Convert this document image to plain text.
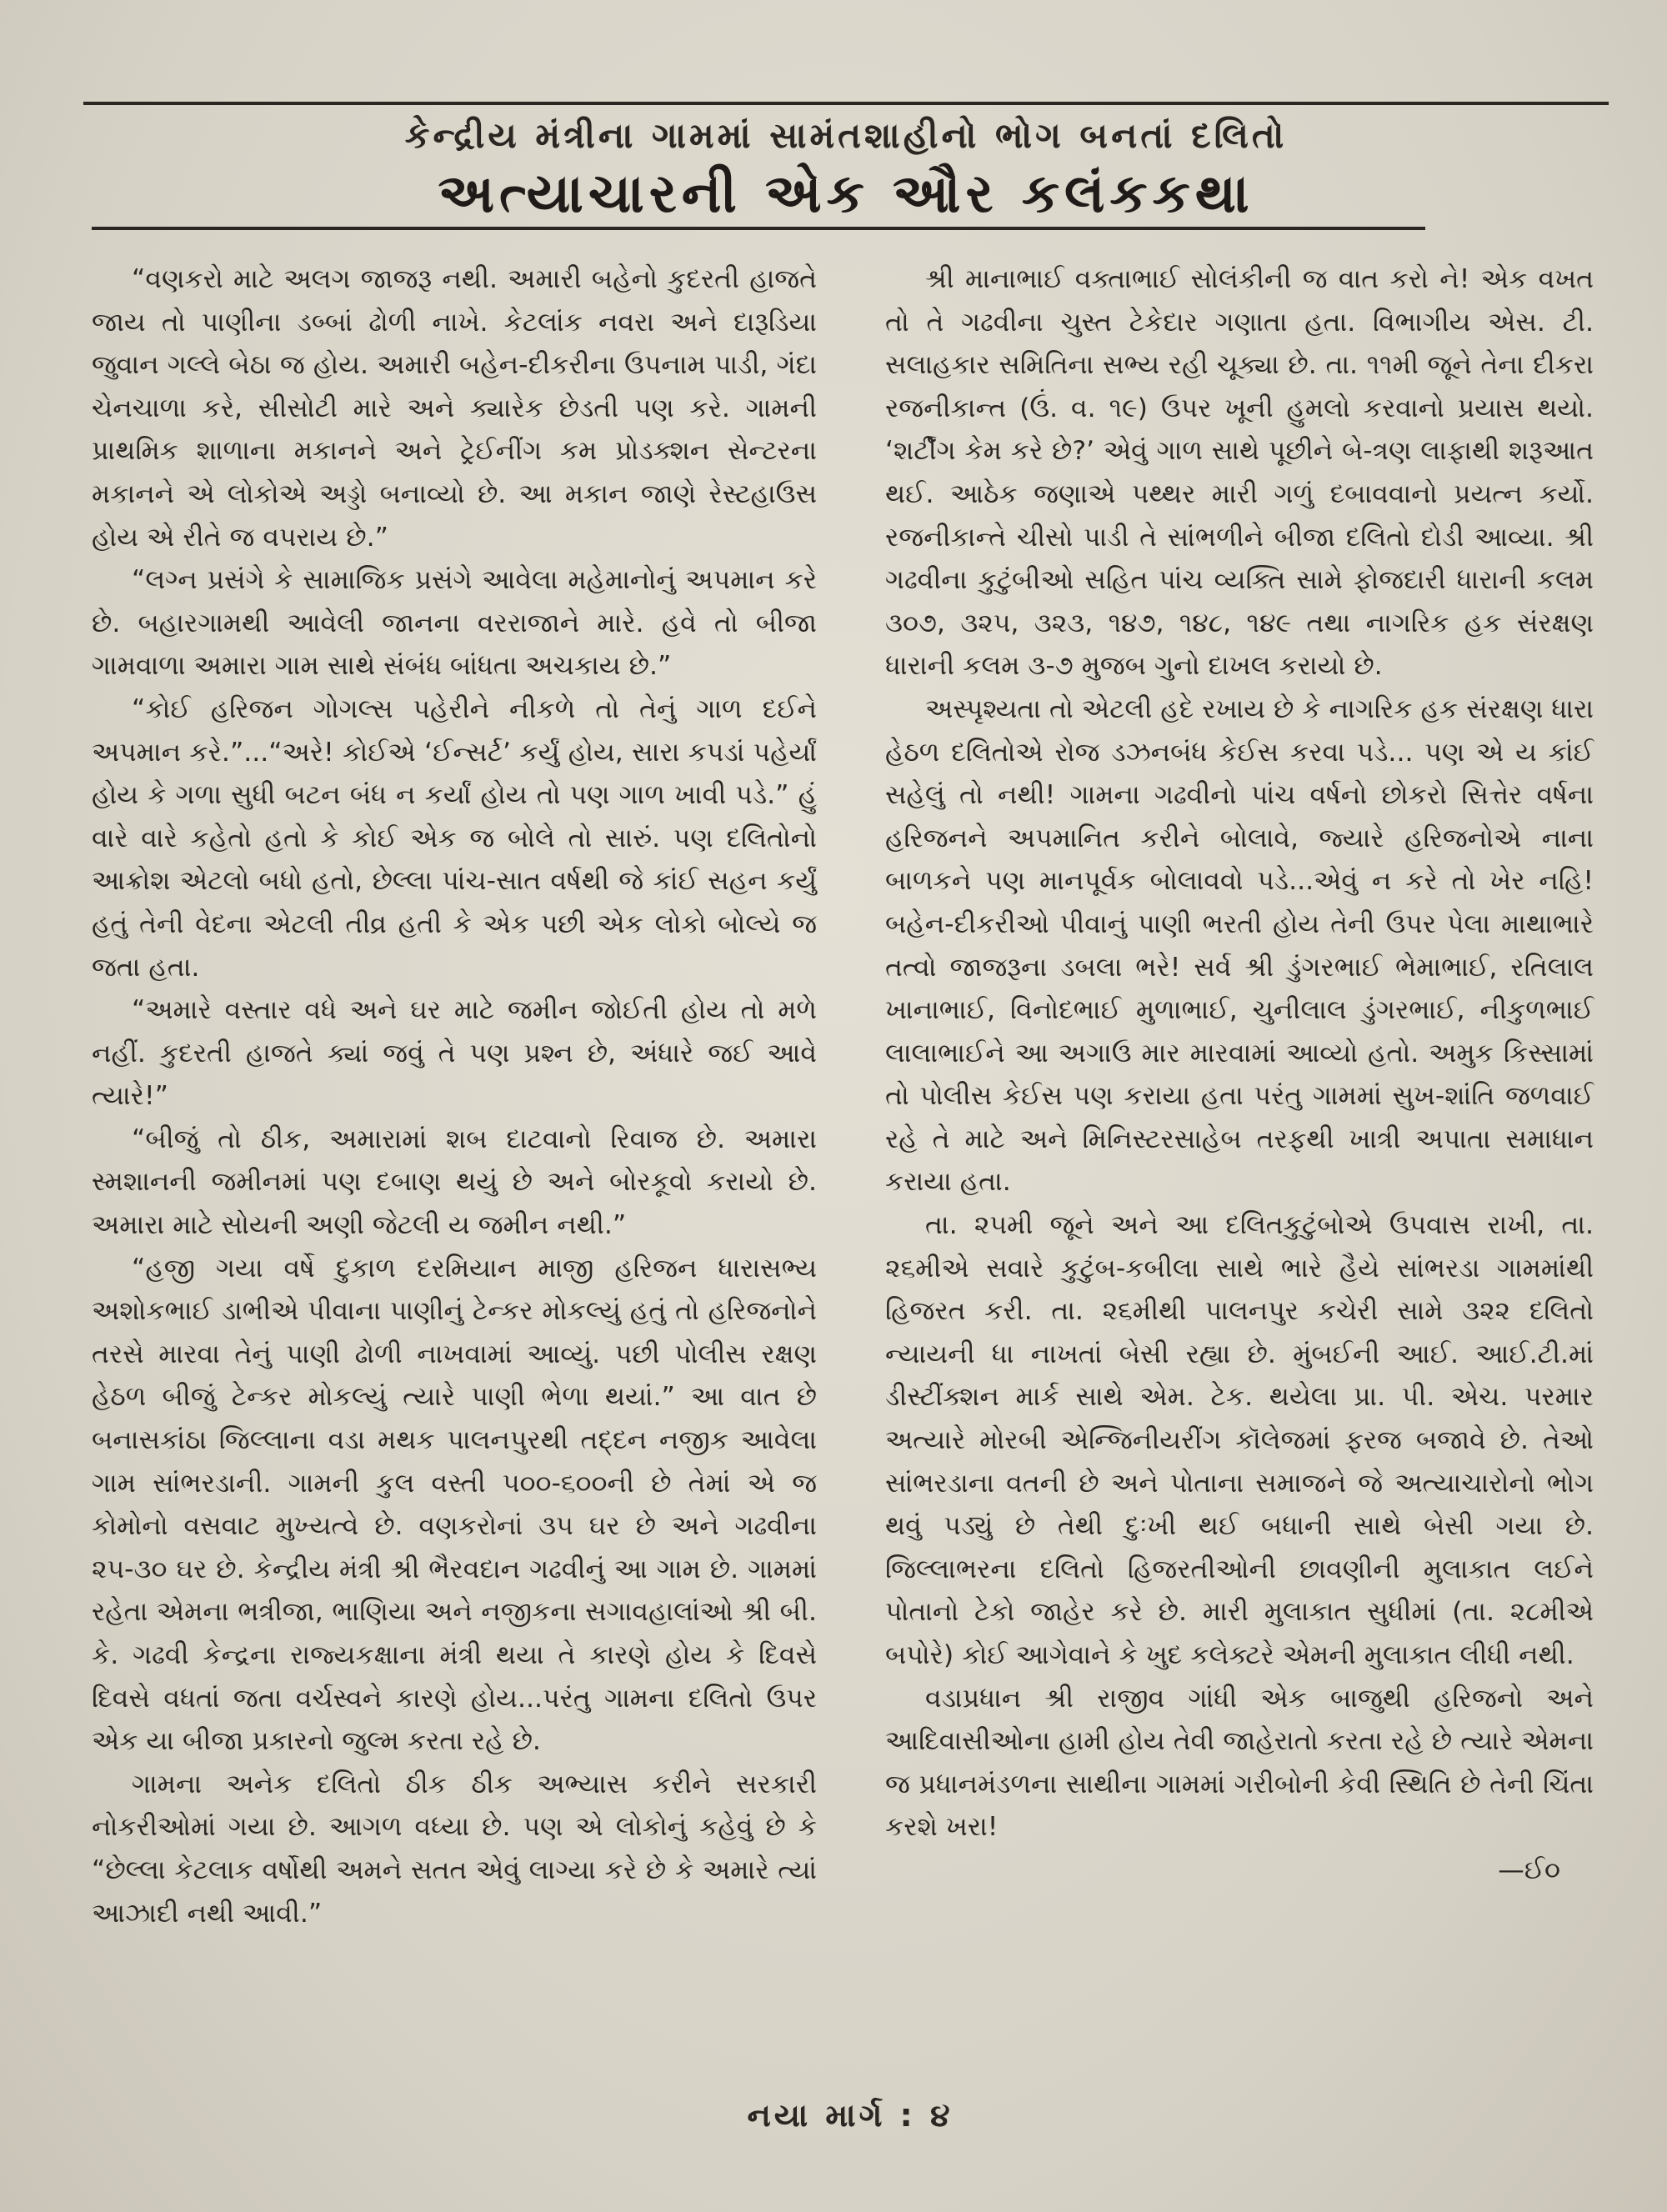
કેન્દ્રીય મંત્રીના ગામમાં સામંતશાહીનો ભોગ બનતાં દલિતો
અત્યાચારની એક ઔર કલંકકથા

“વણકરો માટે અલગ જાજરૂ નથી. અમારી બહેનો કુદરતી હાજતે જાય તો પાણીના ડબ્બાં ઢોળી નાખે. કેટલાંક નવરા અને દારૂડિયા જુવાન ગલ્લે બેઠા જ હોય. અમારી બહેન-દીકરીના ઉપનામ પાડી, ગંદા ચેનચાળા કરે, સીસોટી મારે અને ક્યારેક છેડતી પણ કરે. ગામની પ્રાથમિક શાળાના મકાનને અને ટ્રેઈનીંગ કમ પ્રોડક્શન સેન્ટરના મકાનને એ લોકોએ અડ્ડો બનાવ્યો છે. આ મકાન જાણે રેસ્ટહાઉસ હોય એ રીતે જ વપરાય છે.”

“લગ્ન પ્રસંગે કે સામાજિક પ્રસંગે આવેલા મહેમાનોનું અપમાન કરે છે. બહારગામથી આવેલી જાનના વરરાજાને મારે. હવે તો બીજા ગામવાળા અમારા ગામ સાથે સંબંધ બાંધતા અચકાય છે.”

“કોઈ હરિજન ગોગલ્સ પહેરીને નીકળે તો તેનું ગાળ દઈને અપમાન કરે.”...“અરે! કોઈએ ‘ઈન્સર્ટ’ કર્યું હોય, સારા કપડાં પહેર્યાં હોય કે ગળા સુધી બટન બંધ ન કર્યાં હોય તો પણ ગાળ ખાવી પડે.” હું વારે વારે કહેતો હતો કે કોઈ એક જ બોલે તો સારું. પણ દલિતોનો આક્રોશ એટલો બધો હતો, છેલ્લા પાંચ-સાત વર્ષથી જે કાંઈ સહન કર્યું હતું તેની વેદના એટલી તીવ્ર હતી કે એક પછી એક લોકો બોલ્યે જ જતા હતા.

“અમારે વસ્તાર વધે અને ઘર માટે જમીન જોઈતી હોય તો મળે નહીં. કુદરતી હાજતે ક્યાં જવું તે પણ પ્રશ્ન છે, અંધારે જઈ આવે ત્યારે!”

“બીજું તો ઠીક, અમારામાં શબ દાટવાનો રિવાજ છે. અમારા સ્મશાનની જમીનમાં પણ દબાણ થયું છે અને બોરકૂવો કરાયો છે. અમારા માટે સોયની અણી જેટલી ય જમીન નથી.”

“હજી ગયા વર્ષે દુકાળ દરમિયાન માજી હરિજન ધારાસભ્ય અશોકભાઈ ડાભીએ પીવાના પાણીનું ટેન્કર મોકલ્યું હતું તો હરિજનોને તરસે મારવા તેનું પાણી ઢોળી નાખવામાં આવ્યું. પછી પોલીસ રક્ષણ હેઠળ બીજું ટેન્કર મોકલ્યું ત્યારે પાણી ભેળા થયાં.” આ વાત છે બનાસકાંઠા જિલ્લાના વડા મથક પાલનપુરથી તદ્દન નજીક આવેલા ગામ સાંભરડાની. ગામની કુલ વસ્તી ૫૦૦-૬૦૦ની છે તેમાં એ જ કોમોનો વસવાટ મુખ્યત્વે છે. વણકરોનાં ૩૫ ઘર છે અને ગઢવીના ૨૫-૩૦ ઘર છે. કેન્દ્રીય મંત્રી શ્રી ભૈરવદાન ગઢવીનું આ ગામ છે. ગામમાં રહેતા એમના ભત્રીજા, ભાણિયા અને નજીકના સગાવહાલાંઓ શ્રી બી. કે. ગઢવી કેન્દ્રના રાજ્યકક્ષાના મંત્રી થયા તે કારણે હોય કે દિવસે દિવસે વધતાં જતા વર્ચસ્વને કારણે હોય...પરંતુ ગામના દલિતો ઉપર એક યા બીજા પ્રકારનો જુલ્મ કરતા રહે છે.

ગામના અનેક દલિતો ઠીક ઠીક અભ્યાસ કરીને સરકારી નોકરીઓમાં ગયા છે. આગળ વધ્યા છે. પણ એ લોકોનું કહેવું છે કે “છેલ્લા કેટલાક વર્ષોથી અમને સતત એવું લાગ્યા કરે છે કે અમારે ત્યાં આઝાદી નથી આવી.”

શ્રી માનાભાઈ વક્તાભાઈ સોલંકીની જ વાત કરો ને! એક વખત તો તે ગઢવીના ચુસ્ત ટેકેદાર ગણાતા હતા. વિભાગીય એસ. ટી. સલાહકાર સમિતિના સભ્ય રહી ચૂક્યા છે. તા. ૧૧મી જૂને તેના દીકરા રજનીકાન્ત (ઉં. વ. ૧૯) ઉપર ખૂની હુમલો કરવાનો પ્રયાસ થયો. ‘શર્ટીંગ કેમ કરે છે?’ એવું ગાળ સાથે પૂછીને બે-ત્રણ લાફાથી શરૂઆત થઈ. આઠેક જણાએ પથ્થર મારી ગળું દબાવવાનો પ્રયત્ન કર્યો. રજનીકાન્તે ચીસો પાડી તે સાંભળીને બીજા દલિતો દોડી આવ્યા. શ્રી ગઢવીના કુટુંબીઓ સહિત પાંચ વ્યક્તિ સામે ફોજદારી ધારાની કલમ ૩૦૭, ૩૨૫, ૩૨૩, ૧૪૭, ૧૪૮, ૧૪૯ તથા નાગરિક હક સંરક્ષણ ધારાની કલમ ૩-૭ મુજબ ગુનો દાખલ કરાયો છે.

અસ્પૃશ્યતા તો એટલી હદે રખાય છે કે નાગરિક હક સંરક્ષણ ધારા હેઠળ દલિતોએ રોજ ડઝનબંધ કેઈસ કરવા પડે... પણ એ ય કાંઈ સહેલું તો નથી! ગામના ગઢવીનો પાંચ વર્ષનો છોકરો સિત્તેર વર્ષના હરિજનને અપમાનિત કરીને બોલાવે, જ્યારે હરિજનોએ નાના બાળકને પણ માનપૂર્વક બોલાવવો પડે...એવું ન કરે તો ખેર નહિ! બહેન-દીકરીઓ પીવાનું પાણી ભરતી હોય તેની ઉપર પેલા માથાભારે તત્વો જાજરૂના ડબલા ભરે! સર્વ શ્રી ડુંગરભાઈ ભેમાભાઈ, રતિલાલ ખાનાભાઈ, વિનોદભાઈ મુળાભાઈ, ચુનીલાલ ડુંગરભાઈ, નીકુળભાઈ લાલાભાઈને આ અગાઉ માર મારવામાં આવ્યો હતો. અમુક કિસ્સામાં તો પોલીસ કેઈસ પણ કરાયા હતા પરંતુ ગામમાં સુખ-શાંતિ જળવાઈ રહે તે માટે અને મિનિસ્ટરસાહેબ તરફથી ખાત્રી અપાતા સમાધાન કરાયા હતા.

તા. ૨૫મી જૂને અને આ દલિતકુટુંબોએ ઉપવાસ રાખી, તા. ૨૬મીએ સવારે કુટુંબ-કબીલા સાથે ભારે હૈયે સાંભરડા ગામમાંથી હિજરત કરી. તા. ૨૬મીથી પાલનપુર કચેરી સામે ૩૨૨ દલિતો ન્યાયની ધા નાખતાં બેસી રહ્યા છે. મુંબઈની આઈ. આઈ.ટી.માં ડીસ્ટીંક્શન માર્ક સાથે એમ. ટેક. થયેલા પ્રા. પી. એચ. પરમાર અત્યારે મોરબી એન્જિનીયરીંગ કૉલેજમાં ફરજ બજાવે છે. તેઓ સાંભરડાના વતની છે અને પોતાના સમાજને જે અત્યાચારોનો ભોગ થવું પડ્યું છે તેથી દુઃખી થઈ બધાની સાથે બેસી ગયા છે. જિલ્લાભરના દલિતો હિજરતીઓની છાવણીની મુલાકાત લઈને પોતાનો ટેકો જાહેર કરે છે. મારી મુલાકાત સુધીમાં (તા. ૨૮મીએ બપોરે) કોઈ આગેવાને કે ખુદ કલેક્ટરે એમની મુલાકાત લીધી નથી.

વડાપ્રધાન શ્રી રાજીવ ગાંધી એક બાજુથી હરિજનો અને આદિવાસીઓના હામી હોય તેવી જાહેરાતો કરતા રહે છે ત્યારે એમના જ પ્રધાનમંડળના સાથીના ગામમાં ગરીબોની કેવી સ્થિતિ છે તેની ચિંતા કરશે ખરા!

—ઈ૦
નયા માર્ગ : ૪
